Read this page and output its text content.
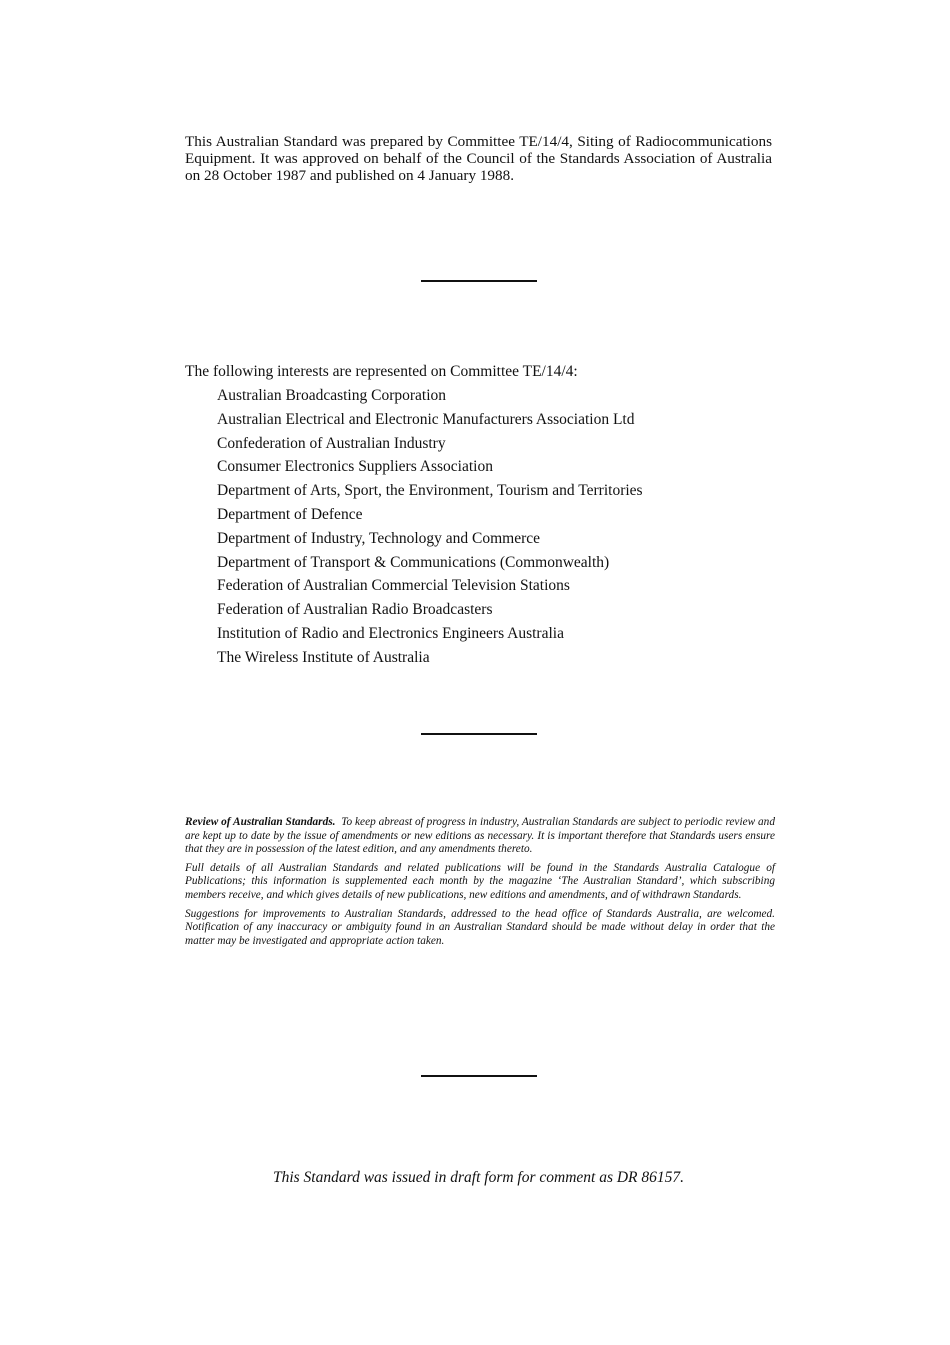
This Australian Standard was prepared by Committee TE/14/4, Siting of Radiocommunications Equipment. It was approved on behalf of the Council of the Standards Association of Australia on 28 October 1987 and published on 4 January 1988.
The following interests are represented on Committee TE/14/4:
Australian Broadcasting Corporation
Australian Electrical and Electronic Manufacturers Association Ltd
Confederation of Australian Industry
Consumer Electronics Suppliers Association
Department of Arts, Sport, the Environment, Tourism and Territories
Department of Defence
Department of Industry, Technology and Commerce
Department of Transport & Communications (Commonwealth)
Federation of Australian Commercial Television Stations
Federation of Australian Radio Broadcasters
Institution of Radio and Electronics Engineers Australia
The Wireless Institute of Australia

Review of Australian Standards. To keep abreast of progress in industry, Australian Standards are subject to periodic review and are kept up to date by the issue of amendments or new editions as necessary. It is important therefore that Standards users ensure that they are in possession of the latest edition, and any amendments thereto.

Full details of all Australian Standards and related publications will be found in the Standards Australia Catalogue of Publications; this information is supplemented each month by the magazine ‘The Australian Standard’, which subscribing members receive, and which gives details of new publications, new editions and amendments, and of withdrawn Standards.

Suggestions for improvements to Australian Standards, addressed to the head office of Standards Australia, are welcomed. Notification of any inaccuracy or ambiguity found in an Australian Standard should be made without delay in order that the matter may be investigated and appropriate action taken.

This Standard was issued in draft form for comment as DR 86157.
